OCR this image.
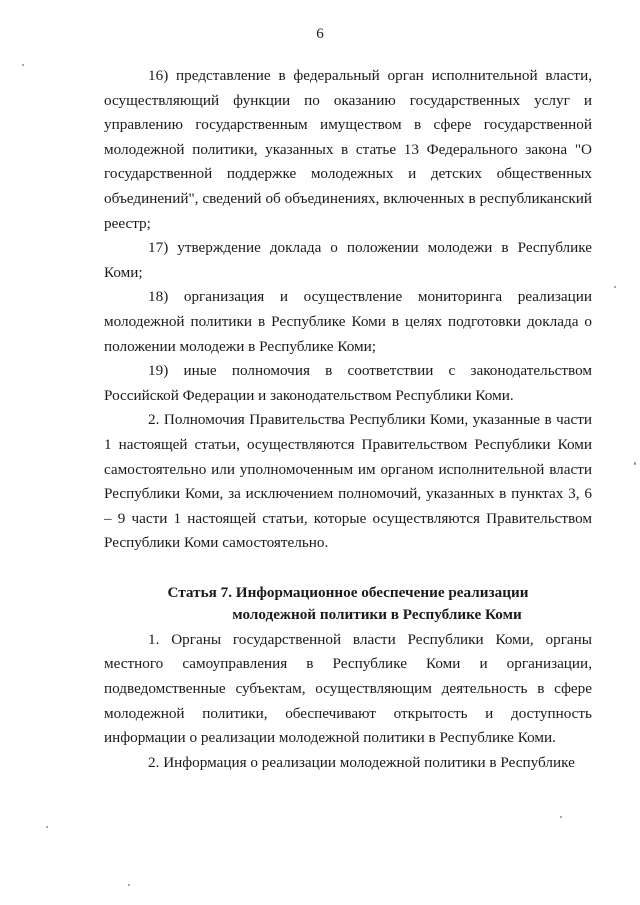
6

16) представление в федеральный орган исполнительной власти, осуществляющий функции по оказанию государственных услуг и управлению государственным имуществом в сфере государственной молодежной политики, указанных в статье 13 Федерального закона "О государственной поддержке молодежных и детских общественных объединений", сведений об объединениях, включенных в республиканский реестр;

17) утверждение доклада о положении молодежи в Республике Коми;

18) организация и осуществление мониторинга реализации молодежной политики в Республике Коми в целях подготовки доклада о положении молодежи в Республике Коми;

19) иные полномочия в соответствии с законодательством Российской Федерации и законодательством Республики Коми.

2. Полномочия Правительства Республики Коми, указанные в части 1 настоящей статьи, осуществляются Правительством Республики Коми самостоятельно или уполномоченным им органом исполнительной власти Республики Коми, за исключением полномочий, указанных в пунктах 3, 6 – 9 части 1 настоящей статьи, которые осуществляются Правительством Республики Коми самостоятельно.

Статья 7. Информационное обеспечение реализации
молодежной политики в Республике Коми

1. Органы государственной власти Республики Коми, органы местного самоуправления в Республике Коми и организации, подведомственные субъектам, осуществляющим деятельность в сфере молодежной политики, обеспечивают открытость и доступность информации о реализации молодежной политики в Республике Коми.

2. Информация о реализации молодежной политики в Республике
